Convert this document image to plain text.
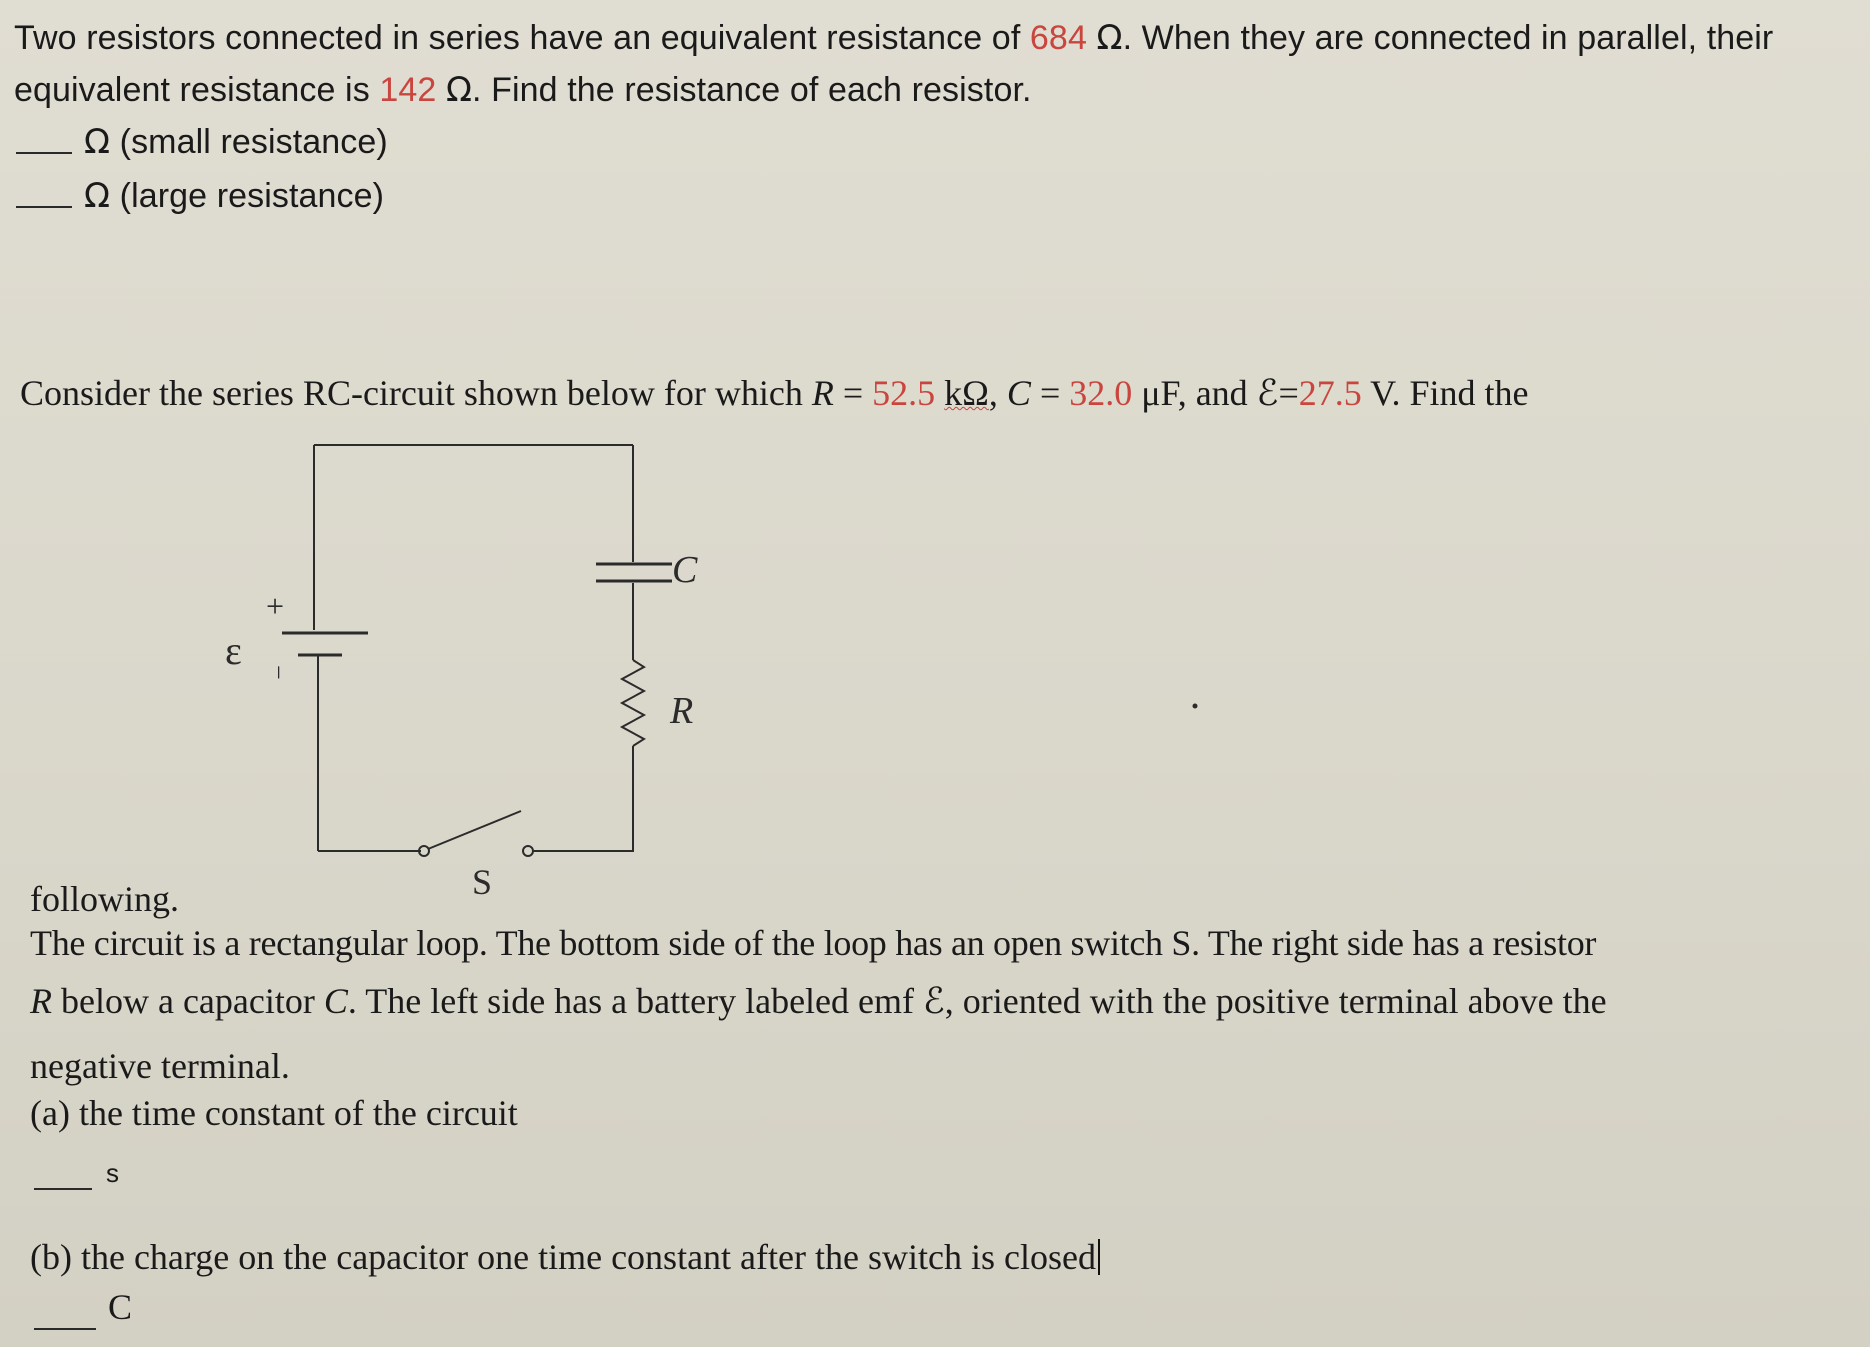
Two resistors connected in series have an equivalent resistance of 684 Ω. When they are connected in parallel, their
equivalent resistance is 142 Ω. Find the resistance of each resistor.
Ω (small resistance)
Ω (large resistance)
Consider the series RC-circuit shown below for which R = 52.5 kΩ, C = 32.0 μF, and ℰ=27.5 V. Find the
C
R
S
ε
+
−
following.
The circuit is a rectangular loop. The bottom side of the loop has an open switch S. The right side has a resistor
R below a capacitor C. The left side has a battery labeled emf ℰ, oriented with the positive terminal above the
negative terminal.
(a) the time constant of the circuit
s
(b) the charge on the capacitor one time constant after the switch is closed
C
